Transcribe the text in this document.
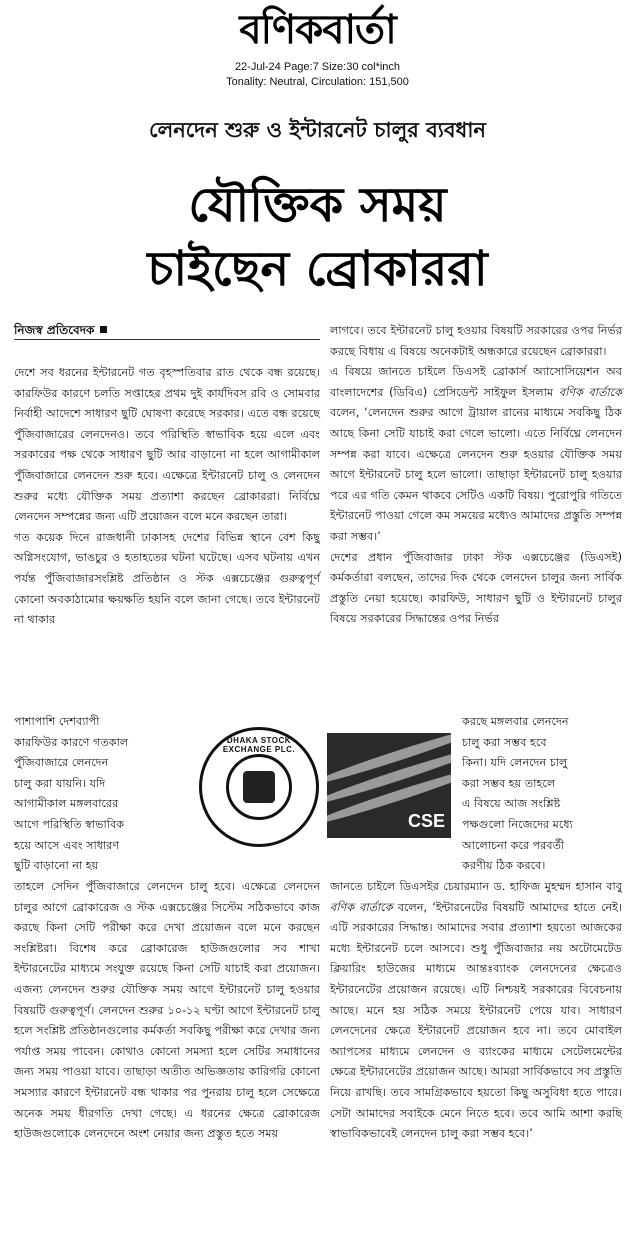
বণিকবার্তা
22-Jul-24 Page:7 Size:30 col*inch
Tonality: Neutral, Circulation: 151,500
লেনদেন শুরু ও ইন্টারনেট চালুর ব্যবধান
যৌক্তিক সময়
চাইছেন ব্রোকাররা
নিজস্ব প্রতিবেদক

দেশে সব ধরনের ইন্টারনেট গত বৃহস্পতিবার রাত থেকে বন্ধ রয়েছে। কারফিউর কারণে চলতি সপ্তাহের প্রথম দুই কার্যদিবস রবি ও সোমবার নির্বাহী আদেশে সাধারণ ছুটি ঘোষণা করেছে সরকার। এতে বন্ধ রয়েছে পুঁজিবাজারের লেনদেনও। তবে পরিস্থিতি স্বাভাবিক হয়ে এলে এবং সরকারের পক্ষ থেকে সাধারণ ছুটি আর বাড়ানো না হলে আগামীকাল পুঁজিবাজারে লেনদেন শুরু হবে। এক্ষেত্রে ইন্টারনেট চালু ও লেনদেন শুরুর মধ্যে যৌক্তিক সময় প্রত্যাশা করছেন ব্রোকাররা। নির্বিঘ্নে লেনদেন সম্পন্নের জন্য এটি প্রয়োজন বলে মনে করছেন তারা।

গত কয়েক দিনে রাজধানী ঢাকাসহ দেশের বিভিন্ন স্থানে বেশ কিছু অগ্নিসংযোগ, ভাঙচুর ও হতাহতের ঘটনা ঘটেছে। এসব ঘটনায় এখন পর্যন্ত পুঁজিবাজারসংশ্লিষ্ট প্রতিষ্ঠান ও স্টক এক্সচেঞ্জের গুরুত্বপূর্ণ কোনো অবকাঠামোর ক্ষয়ক্ষতি হয়নি বলে জানা গেছে। তবে ইন্টারনেট না থাকার

পাশাপাশি দেশব্যাপী
কারফিউর কারণে গতকাল
পুঁজিবাজারে লেনদেন
চালু করা যায়নি। যদি
আগামীকাল মঙ্গলবারের
আগে পরিস্থিতি স্বাভাবিক
হয়ে আসে এবং সাধারণ
ছুটি বাড়ানো না হয়

তাহলে সেদিন পুঁজিবাজারে লেনদেন চালু হবে। এক্ষেত্রে লেনদেন চালুর আগে ব্রোকারেজ ও স্টক এক্সচেঞ্জের সিস্টেম সঠিকভাবে কাজ করছে কিনা সেটি পরীক্ষা করে দেখা প্রয়োজন বলে মনে করছেন সংশ্লিষ্টরা। বিশেষ করে ব্রোকারেজ হাউজগুলোর সব শাখা ইন্টারনেটের মাধ্যমে সংযুক্ত রয়েছে কিনা সেটি যাচাই করা প্রয়োজন। এজন্য লেনদেন শুরুর যৌক্তিক সময় আগে ইন্টারনেট চালু হওয়ার বিষয়টি গুরুত্বপূর্ণ। লেনদেন শুরুর ১০-১২ ঘণ্টা আগে ইন্টারনেট চালু হলে সংশ্লিষ্ট প্রতিষ্ঠানগুলোর কর্মকর্তা সবকিছু পরীক্ষা করে দেখার জন্য পর্যাপ্ত সময় পাবেন। কোথাও কোনো সমস্যা হলে সেটির সমাধানের জন্য সময় পাওয়া যাবে। তাছাড়া অতীত অভিজ্ঞতায় কারিগরি কোনো সমস্যার কারণে ইন্টারনেট বন্ধ থাকার পর পুনরায় চালু হলে সেক্ষেত্রে অনেক সময় ধীরগতি দেখা গেছে। এ ধরনের ক্ষেত্রে ব্রোকারেজ হাউজগুলোকে লেনদেনে অংশ নেয়ার জন্য প্রস্তুত হতে সময়

DHAKA STOCK EXCHANGE PLC.

লাগবে। তবে ইন্টারনেট চালু হওয়ার বিষয়টি সরকারের ওপর নির্ভর করছে বিধায় এ বিষয়ে অনেকটাই অন্ধকারে রয়েছেন ব্রোকাররা।

এ বিষয়ে জানতে চাইলে ডিএসই ব্রোকার্স অ্যাসোসিয়েশন অব বাংলাদেশের (ডিবিএ) প্রেসিডেন্ট সাইফুল ইসলাম বণিক বার্তাকে বলেন, ‘লেনদেন শুরুর আগে ট্রায়াল রানের মাধ্যমে সবকিছু ঠিক আছে কিনা সেটি যাচাই করা গেলে ভালো। এতে নির্বিঘ্নে লেনদেন সম্পন্ন করা যাবে। এক্ষেত্রে লেনদেন শুরু হওয়ার যৌক্তিক সময় আগে ইন্টারনেট চালু হলে ভালো। তাছাড়া ইন্টারনেট চালু হওয়ার পরে এর গতি কেমন থাকবে সেটিও একটি বিষয়। পুরোপুরি গতিতে ইন্টারনেট পাওয়া গেলে কম সময়ের মধ্যেও আমাদের প্রস্তুতি সম্পন্ন করা সম্ভব।’

দেশের প্রধান পুঁজিবাজার ঢাকা স্টক এক্সচেঞ্জের (ডিএসই) কর্মকর্তারা বলছেন, তাদের দিক থেকে লেনদেন চালুর জন্য সার্বিক প্রস্তুতি নেয়া হয়েছে। কারফিউ, সাধারণ ছুটি ও ইন্টারনেট চালুর বিষয়ে সরকারের সিদ্ধান্তের ওপর নির্ভর

CSE
করছে মঙ্গলবার লেনদেন
চালু করা সম্ভব হবে
কিনা। যদি লেনদেন চালু
করা সম্ভব হয় তাহলে
এ বিষয়ে আজ সংশ্লিষ্ট
পক্ষগুলো নিজেদের মধ্যে
আলোচনা করে পরবর্তী
করণীয় ঠিক করবে।

জানতে চাইলে ডিএসইর চেয়ারম্যান ড. হাফিজ মুহম্মদ হাসান বাবু বণিক বার্তাকে বলেন, ‘ইন্টারনেটের বিষয়টি আমাদের হাতে নেই। এটি সরকারের সিদ্ধান্ত। আমাদের সবার প্রত্যাশা হয়তো আজকের মধ্যে ইন্টারনেট চলে আসবে। শুধু পুঁজিবাজার নয় অটোমেটেড ক্লিয়ারিং হাউজের মাধ্যমে আন্তঃব্যাংক লেনদেনের ক্ষেত্রেও ইন্টারনেটের প্রয়োজন রয়েছে। এটি নিশ্চয়ই সরকারের বিবেচনায় আছে। মনে হয় সঠিক সময়ে ইন্টারনেট পেয়ে যাব। সাধারণ লেনদেনের ক্ষেত্রে ইন্টারনেট প্রয়োজন হবে না। তবে মোবাইল অ্যাপসের মাধ্যমে লেনদেন ও ব্যাংকের মাধ্যমে সেটেলমেন্টের ক্ষেত্রে ইন্টারনেটের প্রয়োজন আছে। আমরা সার্বিকভাবে সব প্রস্তুতি নিয়ে রাখছি। তবে সামগ্রিকভাবে হয়তো কিছু অসুবিধা হতে পারে। সেটা আমাদের সবাইকে মেনে নিতে হবে। তবে আমি আশা করছি স্বাভাবিকভাবেই লেনদেন চালু করা সম্ভব হবে।’
